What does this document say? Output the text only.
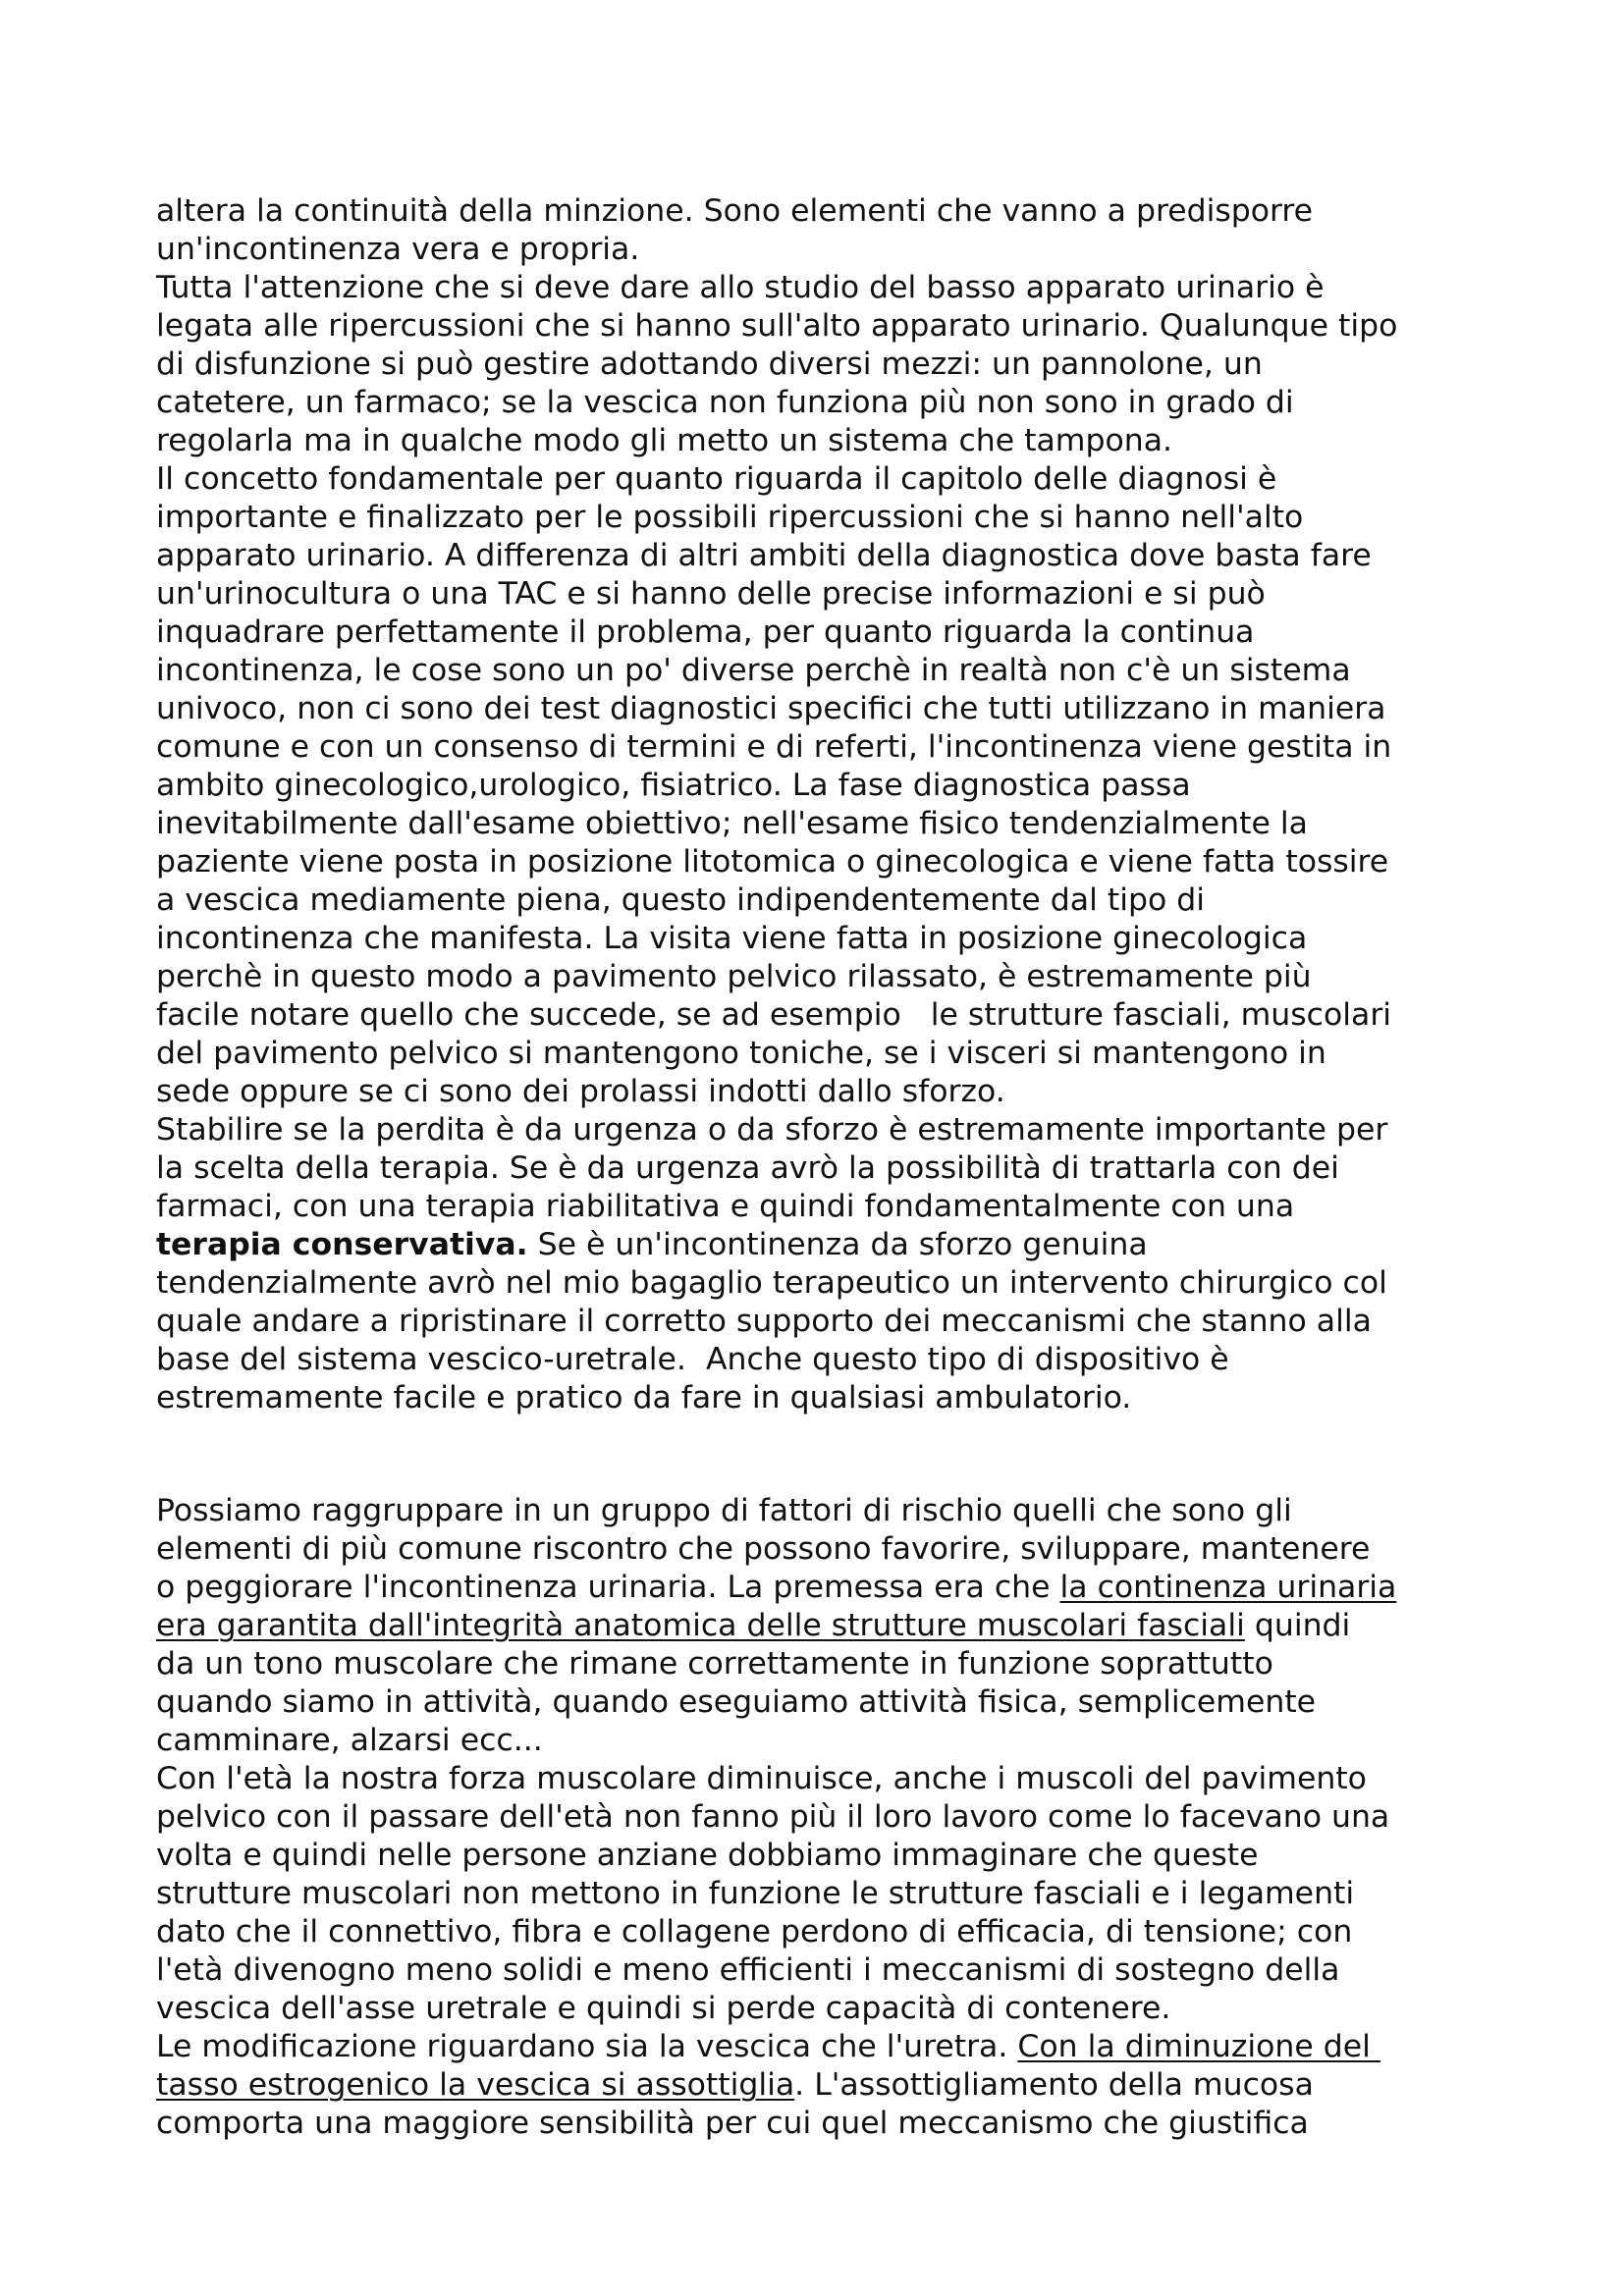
altera la continuità della minzione. Sono elementi che vanno a predisporre

un'incontinenza vera e propria.

Tutta l'attenzione che si deve dare allo studio del basso apparato urinario è

legata alle ripercussioni che si hanno sull'alto apparato urinario. Qualunque tipo

di disfunzione si può gestire adottando diversi mezzi: un pannolone, un

catetere, un farmaco; se la vescica non funziona più non sono in grado di

regolarla ma in qualche modo gli metto un sistema che tampona.

Il concetto fondamentale per quanto riguarda il capitolo delle diagnosi è

importante e finalizzato per le possibili ripercussioni che si hanno nell'alto

apparato urinario. A differenza di altri ambiti della diagnostica dove basta fare

un'urinocultura o una TAC e si hanno delle precise informazioni e si può

inquadrare perfettamente il problema, per quanto riguarda la continua

incontinenza, le cose sono un po' diverse perchè in realtà non c'è un sistema

univoco, non ci sono dei test diagnostici specifici che tutti utilizzano in maniera

comune e con un consenso di termini e di referti, l'incontinenza viene gestita in

ambito ginecologico,urologico, fisiatrico. La fase diagnostica passa

inevitabilmente dall'esame obiettivo; nell'esame fisico tendenzialmente la

paziente viene posta in posizione litotomica o ginecologica e viene fatta tossire

a vescica mediamente piena, questo indipendentemente dal tipo di

incontinenza che manifesta. La visita viene fatta in posizione ginecologica

perchè in questo modo a pavimento pelvico rilassato, è estremamente più

facile notare quello che succede, se ad esempio   le strutture fasciali, muscolari

del pavimento pelvico si mantengono toniche, se i visceri si mantengono in

sede oppure se ci sono dei prolassi indotti dallo sforzo.

Stabilire se la perdita è da urgenza o da sforzo è estremamente importante per

la scelta della terapia. Se è da urgenza avrò la possibilità di trattarla con dei

farmaci, con una terapia riabilitativa e quindi fondamentalmente con una

terapia conservativa. Se è un'incontinenza da sforzo genuina

tendenzialmente avrò nel mio bagaglio terapeutico un intervento chirurgico col

quale andare a ripristinare il corretto supporto dei meccanismi che stanno alla

base del sistema vescico-uretrale.  Anche questo tipo di dispositivo è

estremamente facile e pratico da fare in qualsiasi ambulatorio.

Possiamo raggruppare in un gruppo di fattori di rischio quelli che sono gli

elementi di più comune riscontro che possono favorire, sviluppare, mantenere

o peggiorare l'incontinenza urinaria. La premessa era che la continenza urinaria

era garantita dall'integrità anatomica delle strutture muscolari fasciali quindi

da un tono muscolare che rimane correttamente in funzione soprattutto

quando siamo in attività, quando eseguiamo attività fisica, semplicemente

camminare, alzarsi ecc...

Con l'età la nostra forza muscolare diminuisce, anche i muscoli del pavimento

pelvico con il passare dell'età non fanno più il loro lavoro come lo facevano una

volta e quindi nelle persone anziane dobbiamo immaginare che queste

strutture muscolari non mettono in funzione le strutture fasciali e i legamenti

dato che il connettivo, fibra e collagene perdono di efficacia, di tensione; con

l'età divenogno meno solidi e meno efficienti i meccanismi di sostegno della

vescica dell'asse uretrale e quindi si perde capacità di contenere.

Le modificazione riguardano sia la vescica che l'uretra. Con la diminuzione del

tasso estrogenico la vescica si assottiglia. L'assottigliamento della mucosa

comporta una maggiore sensibilità per cui quel meccanismo che giustifica
